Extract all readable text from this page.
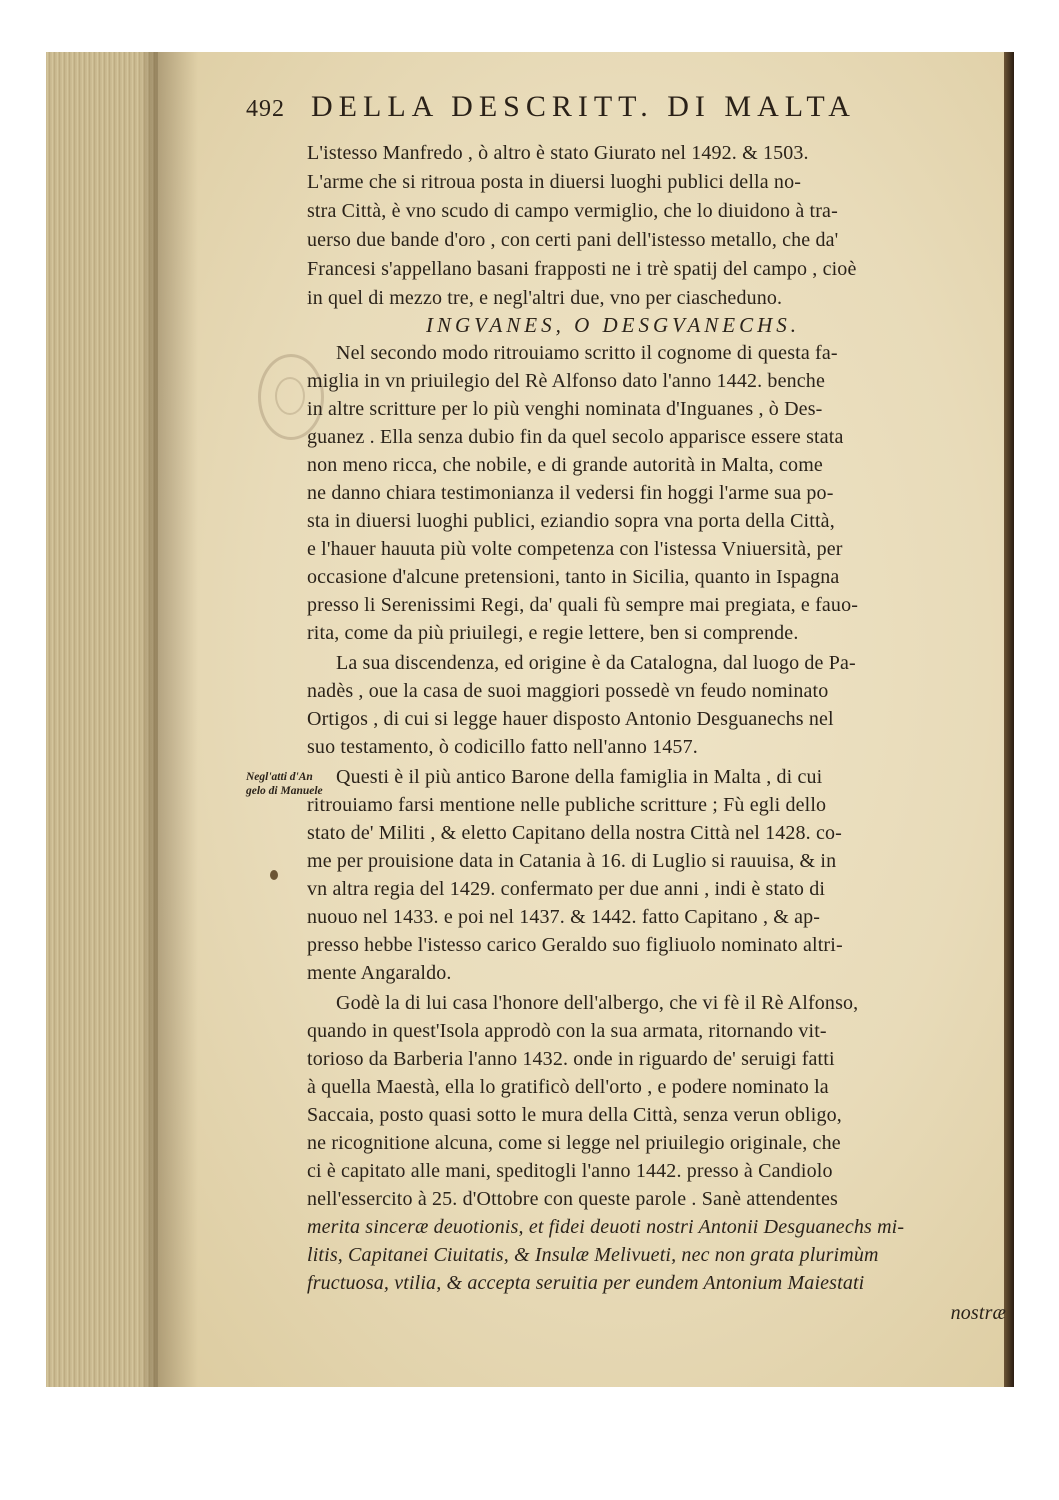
492 DELLA DESCRITT. DI MALTA
Negl'atti d'An
gelo di Manuele
L'istesso Manfredo , ò altro è stato Giurato nel 1492. & 1503.
L'arme che si ritroua posta in diuersi luoghi publici della no-
stra Città, è vno scudo di campo vermiglio, che lo diuidono à tra-
uerso due bande d'oro , con certi pani dell'istesso metallo, che da'
Francesi s'appellano basani frapposti ne i trè spatij del campo , cioè
in quel di mezzo tre, e negl'altri due, vno per ciascheduno.
INGVANES, O DESGVANECHS.
Nel secondo modo ritrouiamo scritto il cognome di questa fa-
miglia in vn priuilegio del Rè Alfonso dato l'anno 1442. benche
in altre scritture per lo più venghi nominata d'Inguanes , ò Des-
guanez . Ella senza dubio fin da quel secolo apparisce essere stata
non meno ricca, che nobile, e di grande autorità in Malta, come
ne danno chiara testimonianza il vedersi fin hoggi l'arme sua po-
sta in diuersi luoghi publici, eziandio sopra vna porta della Città,
e l'hauer hauuta più volte competenza con l'istessa Vniuersità, per
occasione d'alcune pretensioni, tanto in Sicilia, quanto in Ispagna
presso li Serenissimi Regi, da' quali fù sempre mai pregiata, e fauo-
rita, come da più priuilegi, e regie lettere, ben si comprende.
La sua discendenza, ed origine è da Catalogna, dal luogo de Pa-
nadès , oue la casa de suoi maggiori possedè vn feudo nominato
Ortigos , di cui si legge hauer disposto Antonio Desguanechs nel
suo testamento, ò codicillo fatto nell'anno 1457.
Questi è il più antico Barone della famiglia in Malta , di cui
ritrouiamo farsi mentione nelle publiche scritture ; Fù egli dello
stato de' Militi , & eletto Capitano della nostra Città nel 1428. co-
me per prouisione data in Catania à 16. di Luglio si rauuisa, & in
vn altra regia del 1429. confermato per due anni , indi è stato di
nuouo nel 1433. e poi nel 1437. & 1442. fatto Capitano , & ap-
presso hebbe l'istesso carico Geraldo suo figliuolo nominato altri-
mente Angaraldo.
Godè la di lui casa l'honore dell'albergo, che vi fè il Rè Alfonso,
quando in quest'Isola approdò con la sua armata, ritornando vit-
torioso da Barberia l'anno 1432. onde in riguardo de' seruigi fatti
à quella Maestà, ella lo gratificò dell'orto , e podere nominato la
Saccaia, posto quasi sotto le mura della Città, senza verun obligo,
ne ricognitione alcuna, come si legge nel priuilegio originale, che
ci è capitato alle mani, speditogli l'anno 1442. presso à Candiolo
nell'essercito à 25. d'Ottobre con queste parole . Sanè attendentes
merita sinceræ deuotionis, et fidei deuoti nostri Antonii Desguanechs mi-
litis, Capitanei Ciuitatis, & Insulæ Melivueti, nec non grata plurimùm
fructuosa, vtilia, & accepta seruitia per eundem Antonium Maiestati
nostræ
